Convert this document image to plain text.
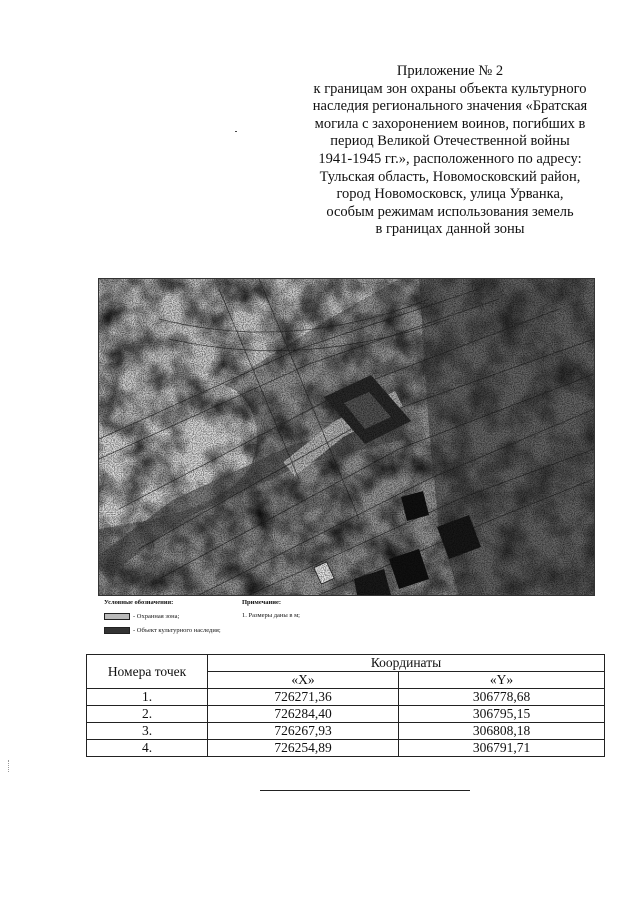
Приложение № 2
к границам зон охраны объекта культурного
наследия регионального значения «Братская
могила с захоронением воинов, погибших в
период Великой Отечественной войны
1941-1945 гг.», расположенного по адресу:
Тульская область, Новомосковский район,
город Новомосковск, улица Урванка,
особым режимам использования земель
в границах данной зоны
Условные обозначения:
- Охранная зона;
- Объект культурного наследия;
Примечание:
1. Размеры даны в м;
Номера точек	Координаты	
	«X»	«Y»
1.	726271,36	306778,68
2.	726284,40	306795,15
3.	726267,93	306808,18
4.	726254,89	306791,71
